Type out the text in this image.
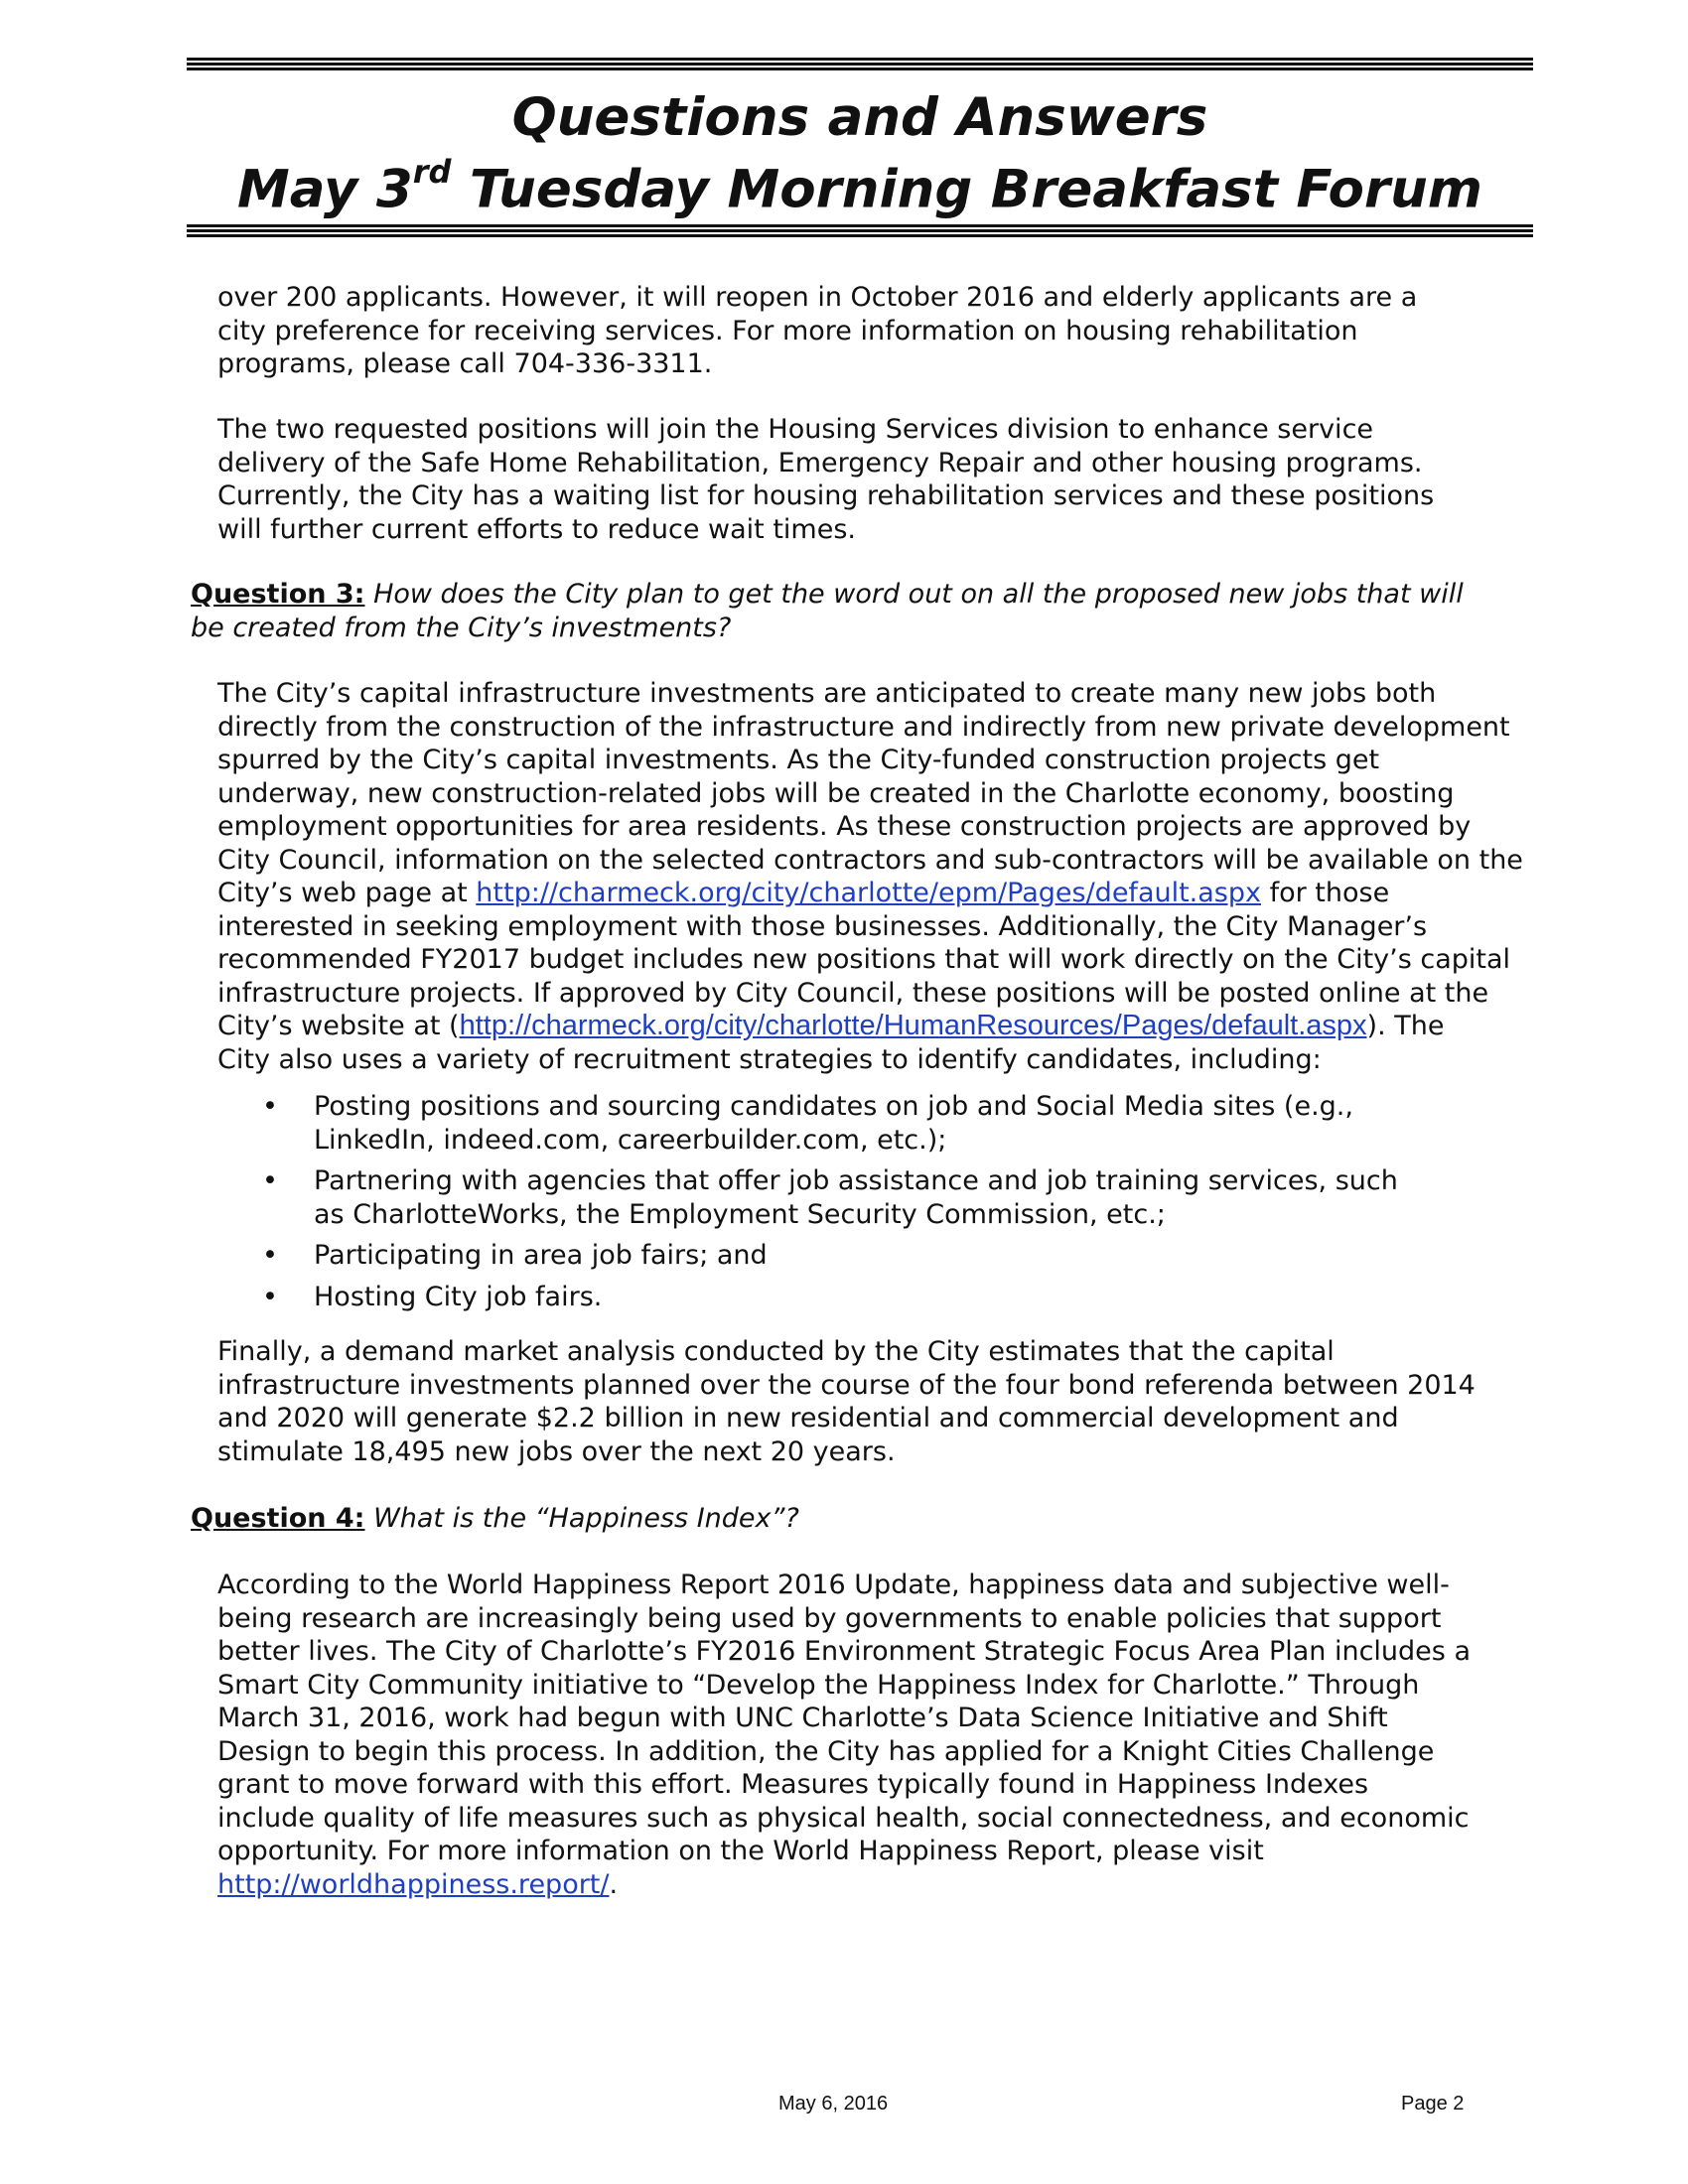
Questions and Answers
May 3rd Tuesday Morning Breakfast Forum
over 200 applicants. However, it will reopen in October 2016 and elderly applicants are a
city preference for receiving services. For more information on housing rehabilitation
programs, please call 704-336-3311.
The two requested positions will join the Housing Services division to enhance service
delivery of the Safe Home Rehabilitation, Emergency Repair and other housing programs.
Currently, the City has a waiting list for housing rehabilitation services and these positions
will further current efforts to reduce wait times.
Question 3: How does the City plan to get the word out on all the proposed new jobs that will
be created from the City’s investments?
The City’s capital infrastructure investments are anticipated to create many new jobs both
directly from the construction of the infrastructure and indirectly from new private development
spurred by the City’s capital investments. As the City-funded construction projects get
underway, new construction-related jobs will be created in the Charlotte economy, boosting
employment opportunities for area residents. As these construction projects are approved by
City Council, information on the selected contractors and sub-contractors will be available on the
City’s web page at http://charmeck.org/city/charlotte/epm/Pages/default.aspx for those
interested in seeking employment with those businesses. Additionally, the City Manager’s
recommended FY2017 budget includes new positions that will work directly on the City’s capital
infrastructure projects. If approved by City Council, these positions will be posted online at the
City’s website at (http://charmeck.org/city/charlotte/HumanResources/Pages/default.aspx). The
City also uses a variety of recruitment strategies to identify candidates, including:
• Posting positions and sourcing candidates on job and Social Media sites (e.g.,
LinkedIn, indeed.com, careerbuilder.com, etc.);
• Partnering with agencies that offer job assistance and job training services, such
as CharlotteWorks, the Employment Security Commission, etc.;
• Participating in area job fairs; and
• Hosting City job fairs.
Finally, a demand market analysis conducted by the City estimates that the capital
infrastructure investments planned over the course of the four bond referenda between 2014
and 2020 will generate $2.2 billion in new residential and commercial development and
stimulate 18,495 new jobs over the next 20 years.
Question 4: What is the “Happiness Index”?
According to the World Happiness Report 2016 Update, happiness data and subjective well-
being research are increasingly being used by governments to enable policies that support
better lives. The City of Charlotte’s FY2016 Environment Strategic Focus Area Plan includes a
Smart City Community initiative to “Develop the Happiness Index for Charlotte.” Through
March 31, 2016, work had begun with UNC Charlotte’s Data Science Initiative and Shift
Design to begin this process. In addition, the City has applied for a Knight Cities Challenge
grant to move forward with this effort. Measures typically found in Happiness Indexes
include quality of life measures such as physical health, social connectedness, and economic
opportunity. For more information on the World Happiness Report, please visit
http://worldhappiness.report/.
May 6, 2016	Page 2
